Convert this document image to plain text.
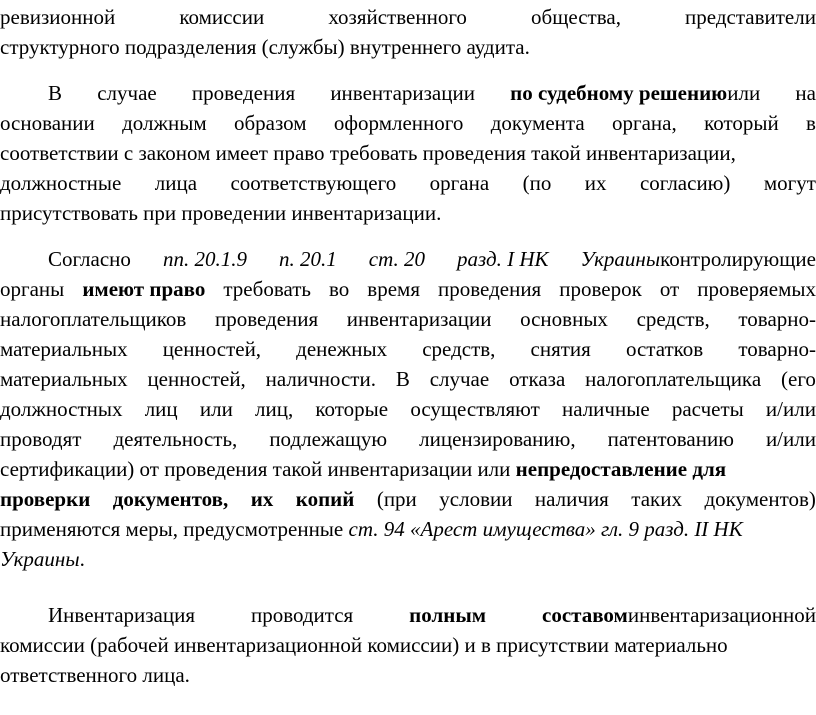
ревизионной	комиссии	хозяйственного	общества,	представители
структурного подразделения (службы) внутреннего аудита.
В случае проведения инвентаризации по судебному решениюили на
основании должным образом оформленного документа органа, который в
соответствии с законом имеет право требовать проведения такой инвентаризации,
должностные лица соответствующего органа (по их согласию) могут
присутствовать при проведении инвентаризации.
Согласно пп. 20.1.9 п. 20.1 ст. 20 разд. I НК Украиныконтролирующие
органы имеют право требовать во время проведения проверок от проверяемых
налогоплательщиков проведения инвентаризации основных средств, товарно-
материальных ценностей, денежных средств, снятия остатков товарно-
материальных ценностей, наличности. В случае отказа налогоплательщика (его
должностных лиц или лиц, которые осуществляют наличные расчеты и/или
проводят деятельность, подлежащую лицензированию, патентованию и/или
сертификации) от проведения такой инвентаризации или непредоставление для
проверки документов, их копий (при условии наличия таких документов)
применяются меры, предусмотренные ст. 94 «Арест имущества» гл. 9 разд. II НК
Украины.
Инвентаризация	проводится	полным	составоминвентаризационной
комиссии (рабочей инвентаризационной комиссии) и в присутствии материально
ответственного лица.
